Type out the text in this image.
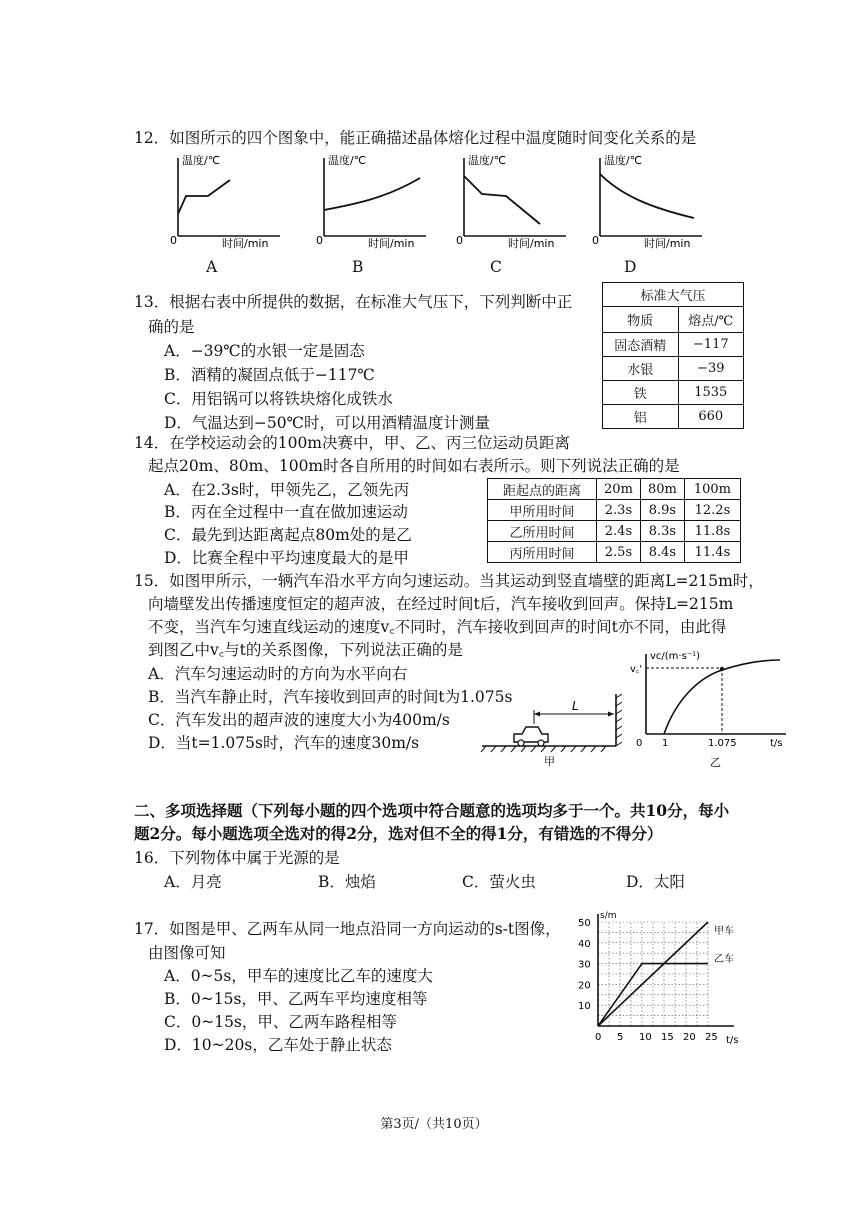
12．如图所示的四个图象中，能正确描述晶体熔化过程中温度随时间变化关系的是
温度/℃
0	时间/min
A
温度/℃
0	时间/min
B
温度/℃
0	时间/min
C
温度/℃
0	时间/min
D
13．根据右表中所提供的数据，在标准大气压下，下列判断中正
确的是
A．−39℃的水银一定是固态
B．酒精的凝固点低于−117℃
C．用铝锅可以将铁块熔化成铁水
D．气温达到−50℃时，可以用酒精温度计测量
标准大气压	
物质	熔点/℃
固态酒精	−117
水银	−39
铁	1535
铝	660
14．在学校运动会的100m决赛中，甲、乙、丙三位运动员距离
起点20m、80m、100m时各自所用的时间如右表所示。则下列说法正确的是
A．在2.3s时，甲领先乙，乙领先丙
B．丙在全过程中一直在做加速运动
C．最先到达距离起点80m处的是乙
D．比赛全程中平均速度最大的是甲
距起点的距离	20m	80m	100m
甲所用时间	2.3s	8.9s	12.2s
乙所用时间	2.4s	8.3s	11.8s
丙所用时间	2.5s	8.4s	11.4s
15．如图甲所示，一辆汽车沿水平方向匀速运动。当其运动到竖直墙壁的距离L=215m时，
向墙壁发出传播速度恒定的超声波，在经过时间t后，汽车接收到回声。保持L=215m
不变，当汽车匀速直线运动的速度v꜀不同时，汽车接收到回声的时间t亦不同，由此得
到图乙中v꜀与t的关系图像，下列说法正确的是
A．汽车匀速运动时的方向为水平向右
B．当汽车静止时，汽车接收到回声的时间t为1.075s
C．汽车发出的超声波的速度大小为400m/s
D．当t=1.075s时，汽车的速度30m/s
L
甲
vc/(m·s⁻¹)
v꜀'
0 1	1.075	t/s
乙
二、多项选择题（下列每小题的四个选项中符合题意的选项均多于一个。共10分，每小
题2分。每小题选项全选对的得2分，选对但不全的得1分，有错选的不得分）
16．下列物体中属于光源的是
A．月亮	B．烛焰	C．萤火虫	D．太阳
17．如图是甲、乙两车从同一地点沿同一方向运动的s-t图像，
由图像可知
A．0~5s，甲车的速度比乙车的速度大
B．0~15s，甲、乙两车平均速度相等
C．0~15s，甲、乙两车路程相等
D．10~20s，乙车处于静止状态
s/m
t/s
0 5 10 15 20 25
10
20
30
40
50
甲车
乙车
第3页/（共10页）
